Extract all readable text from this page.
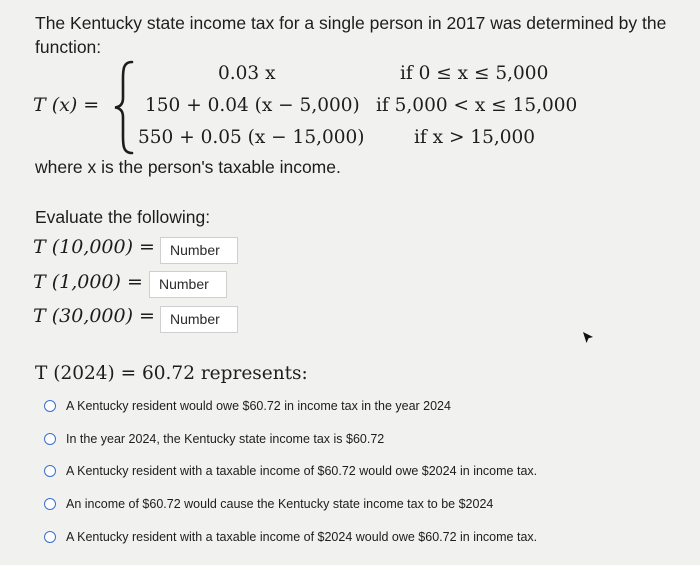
The Kentucky state income tax for a single person in 2017 was determined by the function:
T (x) =
0.03 x	if 0 ≤ x ≤ 5,000
150 + 0.04 (x − 5,000) if 5,000 < x ≤ 15,000
550 + 0.05 (x − 15,000)	if x > 15,000
where x is the person's taxable income.
Evaluate the following:
T (10,000) =	Number
T (1,000) =	Number
T (30,000) =	Number
T (2024) = 60.72 represents:
A Kentucky resident would owe $60.72 in income tax in the year 2024
In the year 2024, the Kentucky state income tax is $60.72
A Kentucky resident with a taxable income of $60.72 would owe $2024 in income tax.
An income of $60.72 would cause the Kentucky state income tax to be $2024
A Kentucky resident with a taxable income of $2024 would owe $60.72 in income tax.
